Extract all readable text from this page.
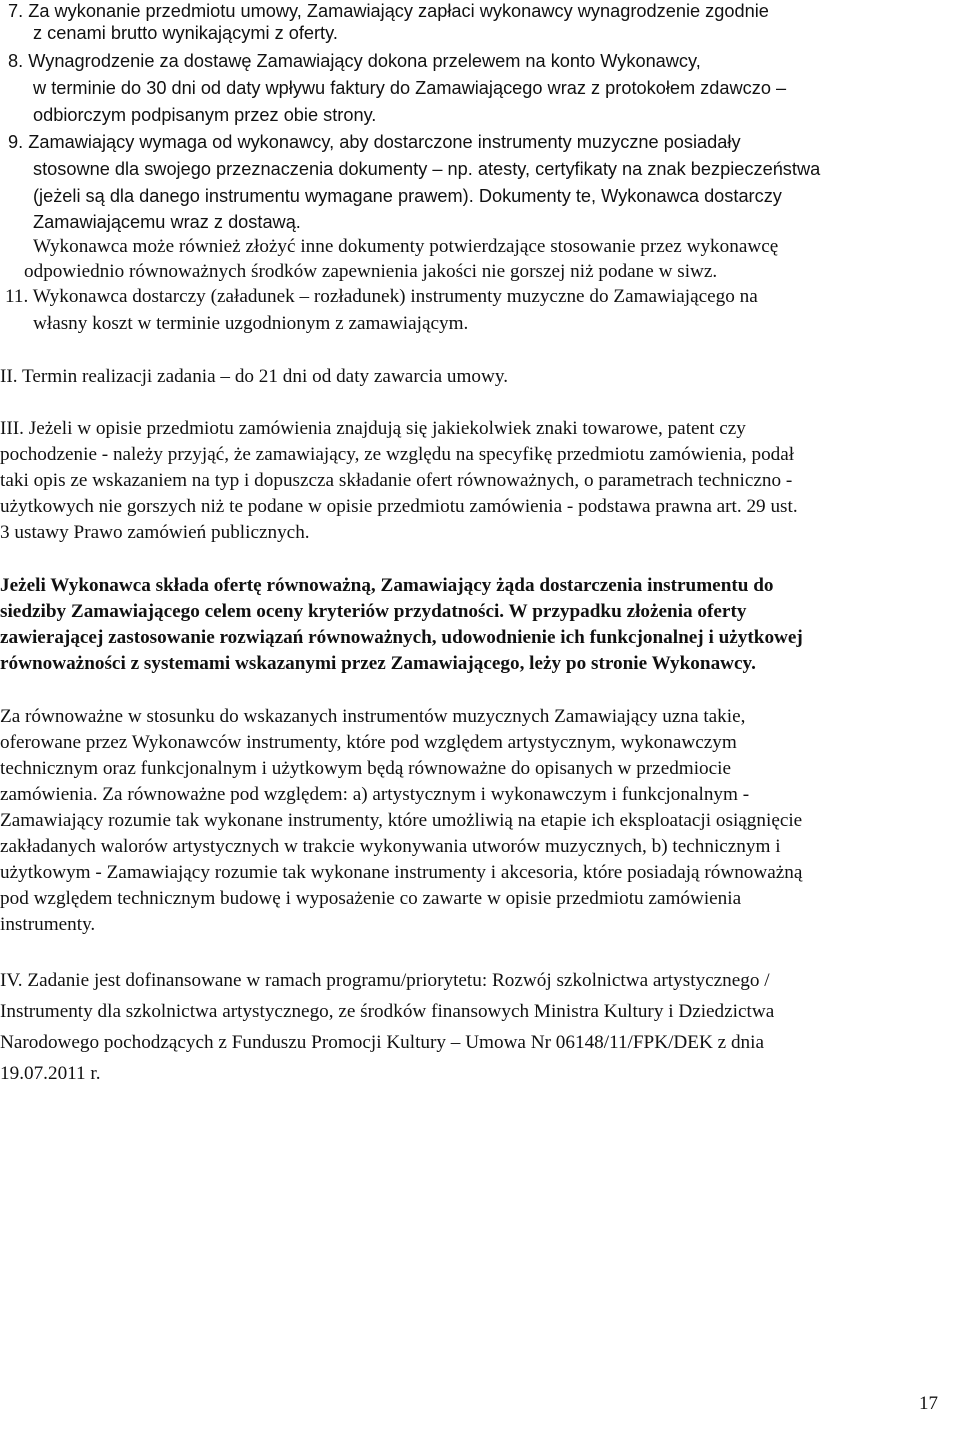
7. Za wykonanie przedmiotu umowy, Zamawiający zapłaci wykonawcy wynagrodzenie zgodnie
z cenami brutto wynikającymi z oferty.
8. Wynagrodzenie za dostawę Zamawiający dokona przelewem na konto Wykonawcy,
w terminie do 30 dni od daty wpływu faktury do Zamawiającego wraz z protokołem zdawczo –
odbiorczym podpisanym przez obie strony.
9. Zamawiający wymaga od wykonawcy, aby dostarczone instrumenty muzyczne posiadały
stosowne dla swojego przeznaczenia dokumenty – np. atesty, certyfikaty na znak bezpieczeństwa
(jeżeli są dla danego instrumentu wymagane prawem). Dokumenty te, Wykonawca dostarczy
Zamawiającemu wraz z dostawą.
Wykonawca może również złożyć inne dokumenty potwierdzające stosowanie przez wykonawcę
odpowiednio równoważnych środków zapewnienia jakości nie gorszej niż podane w siwz.
11. Wykonawca dostarczy (załadunek – rozładunek) instrumenty muzyczne do Zamawiającego na
własny koszt w terminie uzgodnionym z zamawiającym.
II. Termin realizacji zadania – do 21 dni od daty zawarcia umowy.
III. Jeżeli w opisie przedmiotu zamówienia znajdują się jakiekolwiek znaki towarowe, patent czy
pochodzenie - należy przyjąć, że zamawiający, ze względu na specyfikę przedmiotu zamówienia, podał
taki opis ze wskazaniem na typ i dopuszcza składanie ofert równoważnych, o parametrach techniczno -
użytkowych nie gorszych niż te podane w opisie przedmiotu zamówienia - podstawa prawna art. 29 ust.
3 ustawy Prawo zamówień publicznych.
Jeżeli Wykonawca składa ofertę równoważną, Zamawiający żąda dostarczenia instrumentu do
siedziby Zamawiającego celem oceny kryteriów przydatności. W przypadku złożenia oferty
zawierającej zastosowanie rozwiązań równoważnych, udowodnienie ich funkcjonalnej i użytkowej
równoważności z systemami wskazanymi przez Zamawiającego, leży po stronie Wykonawcy.
Za równoważne w stosunku do wskazanych instrumentów muzycznych Zamawiający uzna takie,
oferowane przez Wykonawców instrumenty, które pod względem artystycznym, wykonawczym
technicznym oraz funkcjonalnym i użytkowym będą równoważne do opisanych w przedmiocie
zamówienia. Za równoważne pod względem: a) artystycznym i wykonawczym i funkcjonalnym -
Zamawiający rozumie tak wykonane instrumenty, które umożliwią na etapie ich eksploatacji osiągnięcie
zakładanych walorów artystycznych w trakcie wykonywania utworów muzycznych, b) technicznym i
użytkowym - Zamawiający rozumie tak wykonane instrumenty i akcesoria, które posiadają równoważną
pod względem technicznym budowę i wyposażenie co zawarte w opisie przedmiotu zamówienia
instrumenty.
IV. Zadanie jest dofinansowane w ramach programu/priorytetu: Rozwój szkolnictwa artystycznego /
Instrumenty dla szkolnictwa artystycznego, ze środków finansowych Ministra Kultury i Dziedzictwa
Narodowego pochodzących z Funduszu Promocji Kultury – Umowa Nr 06148/11/FPK/DEK z dnia
19.07.2011 r.
17
